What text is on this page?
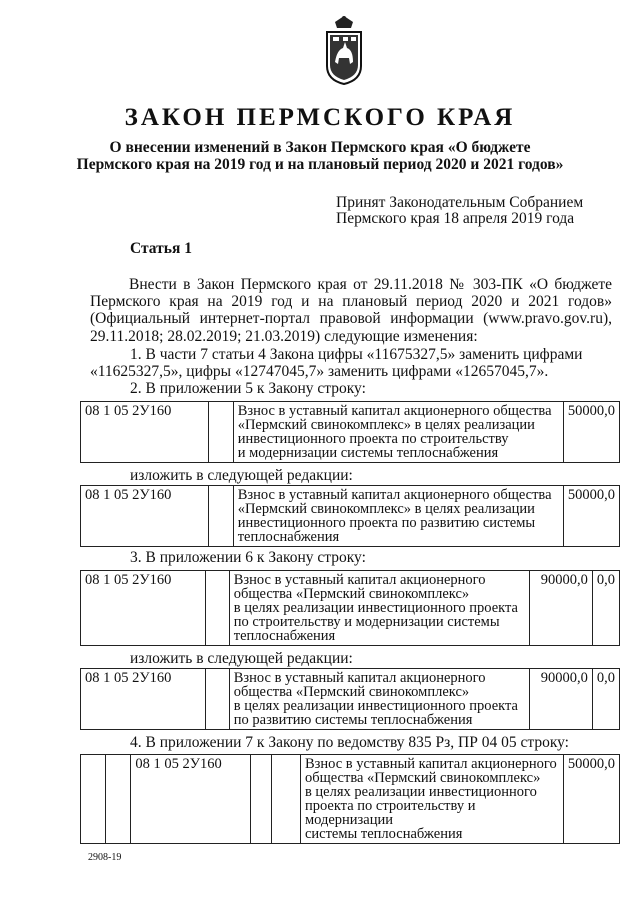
ЗАКОН ПЕРМСКОГО КРАЯ
О внесении изменений в Закон Пермского края «О бюджете
Пермского края на 2019 год и на плановый период 2020 и 2021 годов»
Принят Законодательным Собранием
Пермского края 18 апреля 2019 года
Статья 1
Внести в Закон Пермского края от 29.11.2018 № 303-ПК «О бюджете Пермского края на 2019 год и на плановый период 2020 и 2021 годов» (Официальный интернет-портал правовой информации (www.pravo.gov.ru), 29.11.2018; 28.02.2019; 21.03.2019) следующие изменения:
1. В части 7 статьи 4 Закона цифры «11675327,5» заменить цифрами
«11625327,5», цифры «12747045,7» заменить цифрами «12657045,7».
2. В приложении 5 к Закону строку:
08 1 05 2У160		Взнос в уставный капитал акционерного общества
«Пермский свинокомплекс» в целях реализации
инвестиционного проекта по строительству
и модернизации системы теплоснабжения
	50000,0
изложить в следующей редакции:
08 1 05 2У160		Взнос в уставный капитал акционерного общества
«Пермский свинокомплекс» в целях реализации
инвестиционного проекта по развитию системы
теплоснабжения
	50000,0
3. В приложении 6 к Закону строку:
08 1 05 2У160		Взнос в уставный капитал акционерного
общества «Пермский свинокомплекс»
в целях реализации инвестиционного проекта
по строительству и модернизации системы
теплоснабжения
	90000,0	0,0
изложить в следующей редакции:
08 1 05 2У160		Взнос в уставный капитал акционерного
общества «Пермский свинокомплекс»
в целях реализации инвестиционного проекта
по развитию системы теплоснабжения
	90000,0	0,0
4. В приложении 7 к Закону по ведомству 835 Рз, ПР 04 05 строку:
		08 1 05 2У160			Взнос в уставный капитал акционерного
общества «Пермский свинокомплекс»
в целях реализации инвестиционного
проекта по строительству и модернизации
системы теплоснабжения
	50000,0
2908-19
